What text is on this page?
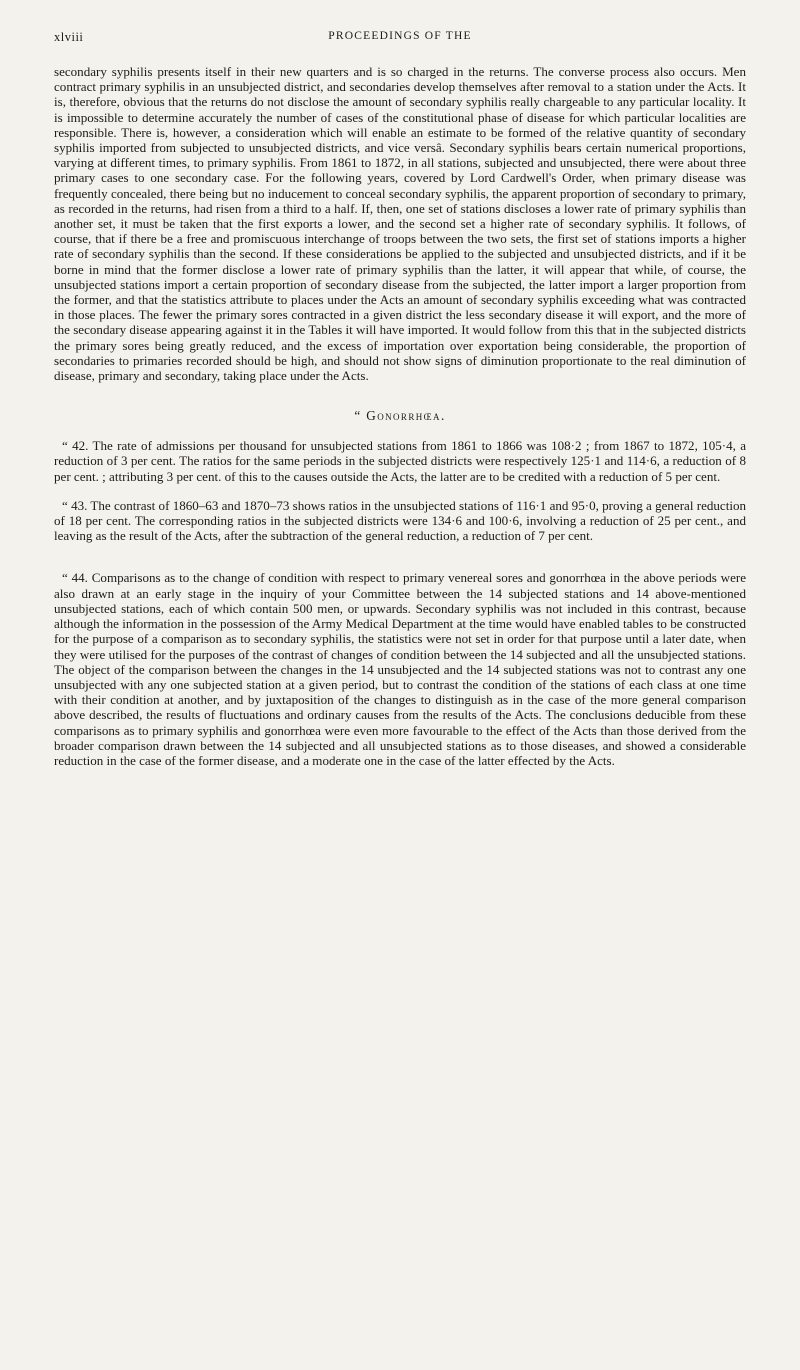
xlviii	PROCEEDINGS OF THE

secondary syphilis presents itself in their new quarters and is so charged in the returns. The converse process also occurs. Men contract primary syphilis in an unsubjected district, and secondaries develop themselves after removal to a station under the Acts. It is, therefore, obvious that the returns do not disclose the amount of secondary syphilis really chargeable to any particular locality. It is impossible to determine accurately the number of cases of the constitutional phase of disease for which particular localities are responsible. There is, however, a consideration which will enable an estimate to be formed of the relative quantity of secondary syphilis imported from subjected to unsubjected districts, and vice versâ. Secondary syphilis bears certain numerical proportions, varying at different times, to primary syphilis. From 1861 to 1872, in all stations, subjected and unsubjected, there were about three primary cases to one secondary case. For the following years, covered by Lord Cardwell's Order, when primary disease was frequently concealed, there being but no inducement to conceal secondary syphilis, the apparent proportion of secondary to primary, as recorded in the returns, had risen from a third to a half. If, then, one set of stations discloses a lower rate of primary syphilis than another set, it must be taken that the first exports a lower, and the second set a higher rate of secondary syphilis. It follows, of course, that if there be a free and promiscuous interchange of troops between the two sets, the first set of stations imports a higher rate of secondary syphilis than the second. If these considerations be applied to the subjected and unsubjected districts, and if it be borne in mind that the former disclose a lower rate of primary syphilis than the latter, it will appear that while, of course, the unsubjected stations import a certain proportion of secondary disease from the subjected, the latter import a larger proportion from the former, and that the statistics attribute to places under the Acts an amount of secondary syphilis exceeding what was contracted in those places. The fewer the primary sores contracted in a given district the less secondary disease it will export, and the more of the secondary disease appearing against it in the Tables it will have imported. It would follow from this that in the subjected districts the primary sores being greatly reduced, and the excess of importation over exportation being considerable, the proportion of secondaries to primaries recorded should be high, and should not show signs of diminution proportionate to the real diminution of disease, primary and secondary, taking place under the Acts.

“ Gonorrhœa.

“ 42. The rate of admissions per thousand for unsubjected stations from 1861 to 1866 was 108·2 ; from 1867 to 1872, 105·4, a reduction of 3 per cent. The ratios for the same periods in the subjected districts were respectively 125·1 and 114·6, a reduction of 8 per cent. ; attributing 3 per cent. of this to the causes outside the Acts, the latter are to be credited with a reduction of 5 per cent.

“ 43. The contrast of 1860–63 and 1870–73 shows ratios in the unsubjected stations of 116·1 and 95·0, proving a general reduction of 18 per cent. The corresponding ratios in the subjected districts were 134·6 and 100·6, involving a reduction of 25 per cent., and leaving as the result of the Acts, after the subtraction of the general reduction, a reduction of 7 per cent.

“ 44. Comparisons as to the change of condition with respect to primary venereal sores and gonorrhœa in the above periods were also drawn at an early stage in the inquiry of your Committee between the 14 subjected stations and 14 above-mentioned unsubjected stations, each of which contain 500 men, or upwards. Secondary syphilis was not included in this contrast, because although the information in the possession of the Army Medical Department at the time would have enabled tables to be constructed for the purpose of a comparison as to secondary syphilis, the statistics were not set in order for that purpose until a later date, when they were utilised for the purposes of the contrast of changes of condition between the 14 subjected and all the unsubjected stations. The object of the comparison between the changes in the 14 unsubjected and the 14 subjected stations was not to contrast any one unsubjected with any one subjected station at a given period, but to contrast the condition of the stations of each class at one time with their condition at another, and by juxtaposition of the changes to distinguish as in the case of the more general comparison above described, the results of fluctuations and ordinary causes from the results of the Acts. The conclusions deducible from these comparisons as to primary syphilis and gonorrhœa were even more favourable to the effect of the Acts than those derived from the broader comparison drawn between the 14 subjected and all unsubjected stations as to those diseases, and showed a considerable reduction in the case of the former disease, and a moderate one in the case of the latter effected by the Acts.
